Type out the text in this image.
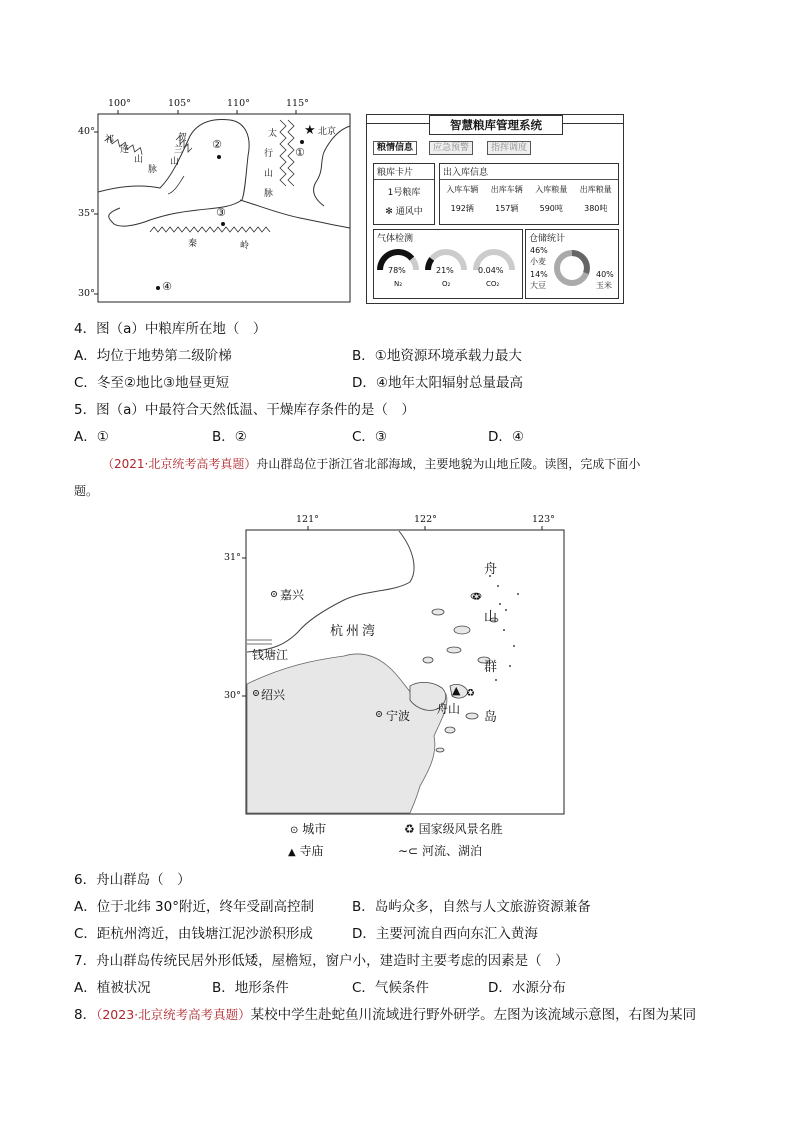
★
100°	105°	110°	115°
40°
35°
30°
祁
连
山
脉
贺
兰
山
太
行
山
脉
秦	岭
北京
①
②
③
④
智慧粮库管理系统
粮情信息	应急预警	指挥调度
粮库卡片
1号粮库
✻ 通风中
出入库信息
入库车辆 出库车辆 入库粮量 出库粮量
192辆	157辆	590吨	380吨
气体检测
78%
N₂
21%
O₂
0.04%
CO₂
仓储统计
46%
小麦
14%
大豆
40%
玉米
4．图（a）中粮库所在地（　）
A．均位于地势第二级阶梯	B．①地资源环境承载力最大
C．冬至②地比③地昼更短	D．④地年太阳辐射总量最高
5．图（a）中最符合天然低温、干燥库存条件的是（　）
A．①	B．②	C．③	D．④
（2021·北京统考高考真题）舟山群岛位于浙江省北部海域，主要地貌为山地丘陵。读图，完成下面小
题。
▲ ♻
♻
121°	122°	123°
31°
30°
嘉兴
绍兴
宁波
杭州湾
钱塘江
舟山
舟
山
群
岛
⊙ 城市	♻ 国家级风景名胜
▲ 寺庙	∼⊂ 河流、湖泊
6．舟山群岛（　）
A．位于北纬 30°附近，终年受副高控制	B．岛屿众多，自然与人文旅游资源兼备
C．距杭州湾近，由钱塘江泥沙淤积形成	D．主要河流自西向东汇入黄海
7．舟山群岛传统民居外形低矮，屋檐短，窗户小，建造时主要考虑的因素是（　）
A．植被状况	B．地形条件	C．气候条件	D．水源分布
8．（2023·北京统考高考真题）某校中学生赴蛇鱼川流域进行野外研学。左图为该流域示意图，右图为某同
